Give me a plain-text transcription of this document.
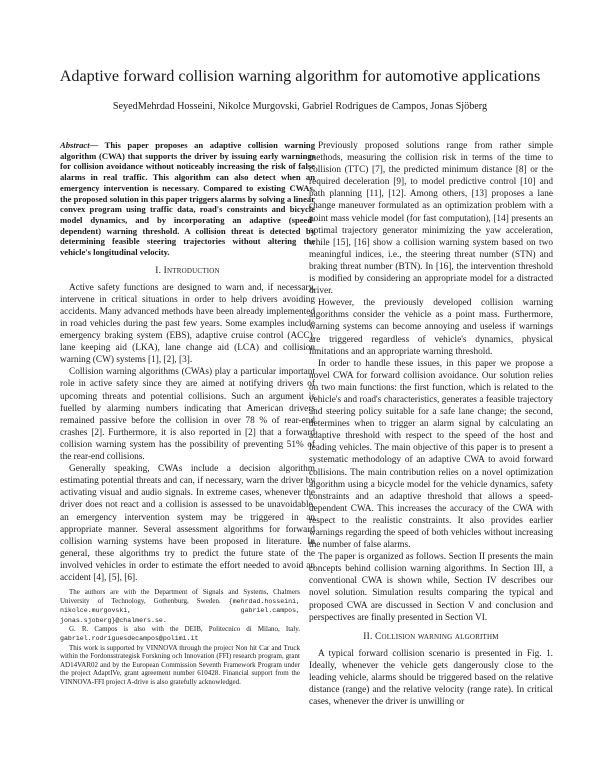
Adaptive forward collision warning algorithm for automotive applications
SeyedMehrdad Hosseini, Nikolce Murgovski, Gabriel Rodrigues de Campos, Jonas Sjöberg

Abstract— This paper proposes an adaptive collision warning algorithm (CWA) that supports the driver by issuing early warnings for collision avoidance without noticeably increasing the risk of false alarms in real traffic. This algorithm can also detect when an emergency intervention is necessary. Compared to existing CWAs, the proposed solution in this paper triggers alarms by solving a linear convex program using traffic data, road's constraints and bicycle model dynamics, and by incorporating an adaptive (speed-dependent) warning threshold. A collision threat is detected by determining feasible steering trajectories without altering the vehicle's longitudinal velocity.

I. Introduction

Active safety functions are designed to warn and, if necessary, intervene in critical situations in order to help drivers avoiding accidents. Many advanced methods have been already implemented in road vehicles during the past few years. Some examples include emergency braking system (EBS), adaptive cruise control (ACC), lane keeping aid (LKA), lane change aid (LCA) and collision warning (CW) systems [1], [2], [3].

Collision warning algorithms (CWAs) play a particular important role in active safety since they are aimed at notifying drivers of upcoming threats and potential collisions. Such an argument is fuelled by alarming numbers indicating that American drivers remained passive before the collision in over 78 % of rear-end crashes [2]. Furthermore, it is also reported in [2] that a forward collision warning system has the possibility of preventing 51% of the rear-end collisions.

Generally speaking, CWAs include a decision algorithm estimating potential threats and can, if necessary, warn the driver by activating visual and audio signals. In extreme cases, whenever the driver does not react and a collision is assessed to be unavoidable, an emergency intervention system may be triggered in an appropriate manner. Several assessment algorithms for forward collision warning systems have been proposed in literature. In general, these algorithms try to predict the future state of the involved vehicles in order to estimate the effort needed to avoid an accident [4], [5], [6].

The authors are with the Department of Signals and Systems, Chalmers University of Technology, Gothenburg, Sweden. {mehrdad.hosseini, nikolce.murgovski, gabriel.campos, jonas.sjoberg}@chalmers.se.

G. R. Campos is also with the DEIB, Politecnico di Milano, Italy. gabriel.rodriguesdecampos@polimi.it

This work is supported by VINNOVA through the project Non hit Car and Truck within the Fordonsstrategisk Forskning och Innovation (FFI) research program, grant AD14VAR02 and by the European Commission Seventh Framework Program under the project AdaptIVe, grant agreement number 610428. Financial support from the VINNOVA-FFI project A-drive is also gratefully acknowledged.

Previously proposed solutions range from rather simple methods, measuring the collision risk in terms of the time to collision (TTC) [7], the predicted minimum distance [8] or the required deceleration [9], to model predictive control [10] and path planning [11], [12]. Among others, [13] proposes a lane change maneuver formulated as an optimization problem with a point mass vehicle model (for fast computation), [14] presents an optimal trajectory generator minimizing the yaw acceleration, while [15], [16] show a collision warning system based on two meaningful indices, i.e., the steering threat number (STN) and braking threat number (BTN). In [16], the intervention threshold is modified by considering an appropriate model for a distracted driver.

However, the previously developed collision warning algorithms consider the vehicle as a point mass. Furthermore, warning systems can become annoying and useless if warnings are triggered regardless of vehicle's dynamics, physical limitations and an appropriate warning threshold.

In order to handle these issues, in this paper we propose a novel CWA for forward collision avoidance. Our solution relies on two main functions: the first function, which is related to the vehicle's and road's characteristics, generates a feasible trajectory and steering policy suitable for a safe lane change; the second, determines when to trigger an alarm signal by calculating an adaptive threshold with respect to the speed of the host and leading vehicles. The main objective of this paper is to present a systematic methodology of an adaptive CWA to avoid forward collisions. The main contribution relies on a novel optimization algorithm using a bicycle model for the vehicle dynamics, safety constraints and an adaptive threshold that allows a speed-dependent CWA. This increases the accuracy of the CWA with respect to the realistic constraints. It also provides earlier warnings regarding the speed of both vehicles without increasing the number of false alarms.

The paper is organized as follows. Section II presents the main concepts behind collision warning algorithms. In Section III, a conventional CWA is shown while, Section IV describes our novel solution. Simulation results comparing the typical and proposed CWA are discussed in Section V and conclusion and perspectives are finally presented in Section VI.

II. Collision warning algorithm

A typical forward collision scenario is presented in Fig. 1. Ideally, whenever the vehicle gets dangerously close to the leading vehicle, alarms should be triggered based on the relative distance (range) and the relative velocity (range rate). In critical cases, whenever the driver is unwilling or
